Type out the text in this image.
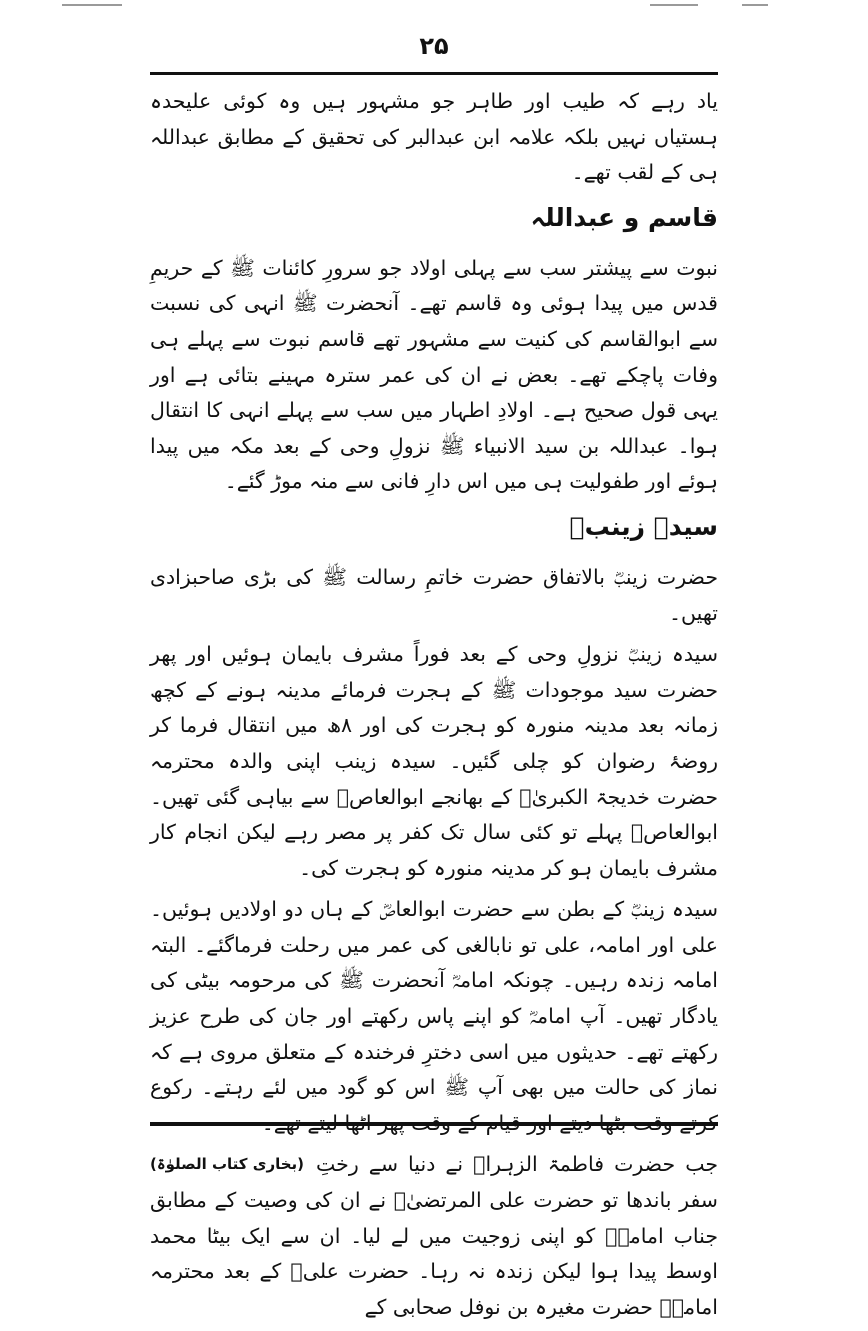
۲۵

یاد رہے کہ طیب اور طاہر جو مشہور ہیں وہ کوئی علیحدہ ہستیاں نہیں بلکہ علامہ ابن عبدالبر کی تحقیق کے مطابق عبداللہ ہی کے لقب تھے۔

قاسم و عبداللہ

نبوت سے پیشتر سب سے پہلی اولاد جو سرورِ کائنات ﷺ کے حریمِ قدس میں پیدا ہوئی وہ قاسم تھے۔ آنحضرت ﷺ انہی کی نسبت سے ابوالقاسم کی کنیت سے مشہور تھے قاسم نبوت سے پہلے ہی وفات پاچکے تھے۔ بعض نے ان کی عمر سترہ مہینے بتائی ہے اور یہی قول صحیح ہے۔ اولادِ اطہار میں سب سے پہلے انہی کا انتقال ہوا۔ عبداللہ بن سید الانبیاء ﷺ نزولِ وحی کے بعد مکہ میں پیدا ہوئے اور طفولیت ہی میں اس دارِ فانی سے منہ موڑ گئے۔

سیدہ زینبؓ

حضرت زینبؓ بالاتفاق حضرت خاتمِ رسالت ﷺ کی بڑی صاحبزادی تھیں۔

سیدہ زینبؓ نزولِ وحی کے بعد فوراً مشرف بایمان ہوئیں اور پھر حضرت سید موجودات ﷺ کے ہجرت فرمائے مدینہ ہونے کے کچھ زمانہ بعد مدینہ منورہ کو ہجرت کی اور ۸ھ میں انتقال فرما کر روضۂ رضوان کو چلی گئیں۔ سیدہ زینب اپنی والدہ محترمہ حضرت خدیجۃ الکبریٰؓ کے بھانجے ابوالعاصؓ سے بیاہی گئی تھیں۔ ابوالعاصؓ پہلے تو کئی سال تک کفر پر مصر رہے لیکن انجام کار مشرف بایمان ہو کر مدینہ منورہ کو ہجرت کی۔

سیدہ زینبؓ کے بطن سے حضرت ابوالعاصؓ کے ہاں دو اولادیں ہوئیں۔ علی اور امامہ، علی تو نابالغی کی عمر میں رحلت فرماگئے۔ البتہ امامہ زندہ رہیں۔ چونکہ امامہؓ آنحضرت ﷺ کی مرحومہ بیٹی کی یادگار تھیں۔ آپ امامہؓ کو اپنے پاس رکھتے اور جان کی طرح عزیز رکھتے تھے۔ حدیثوں میں اسی دخترِ فرخندہ کے متعلق مروی ہے کہ نماز کی حالت میں بھی آپ ﷺ اس کو گود میں لئے رہتے۔ رکوع
(بخاری کتاب الصلوٰۃ) جب حضرت فاطمۃ الزہراؓ نے دنیا سے رختِ سفر باندھا تو حضرت علی المرتضیٰؓ نے ان کی وصیت کے مطابق جناب امامہؓ کو اپنی زوجیت میں لے لیا۔ ان سے ایک بیٹا محمد اوسط پیدا ہوا لیکن زندہ نہ رہا۔ حضرت علیؓ کے بعد محترمہ امامہؓ حضرت مغیرہ بن نوفل صحابی کے
